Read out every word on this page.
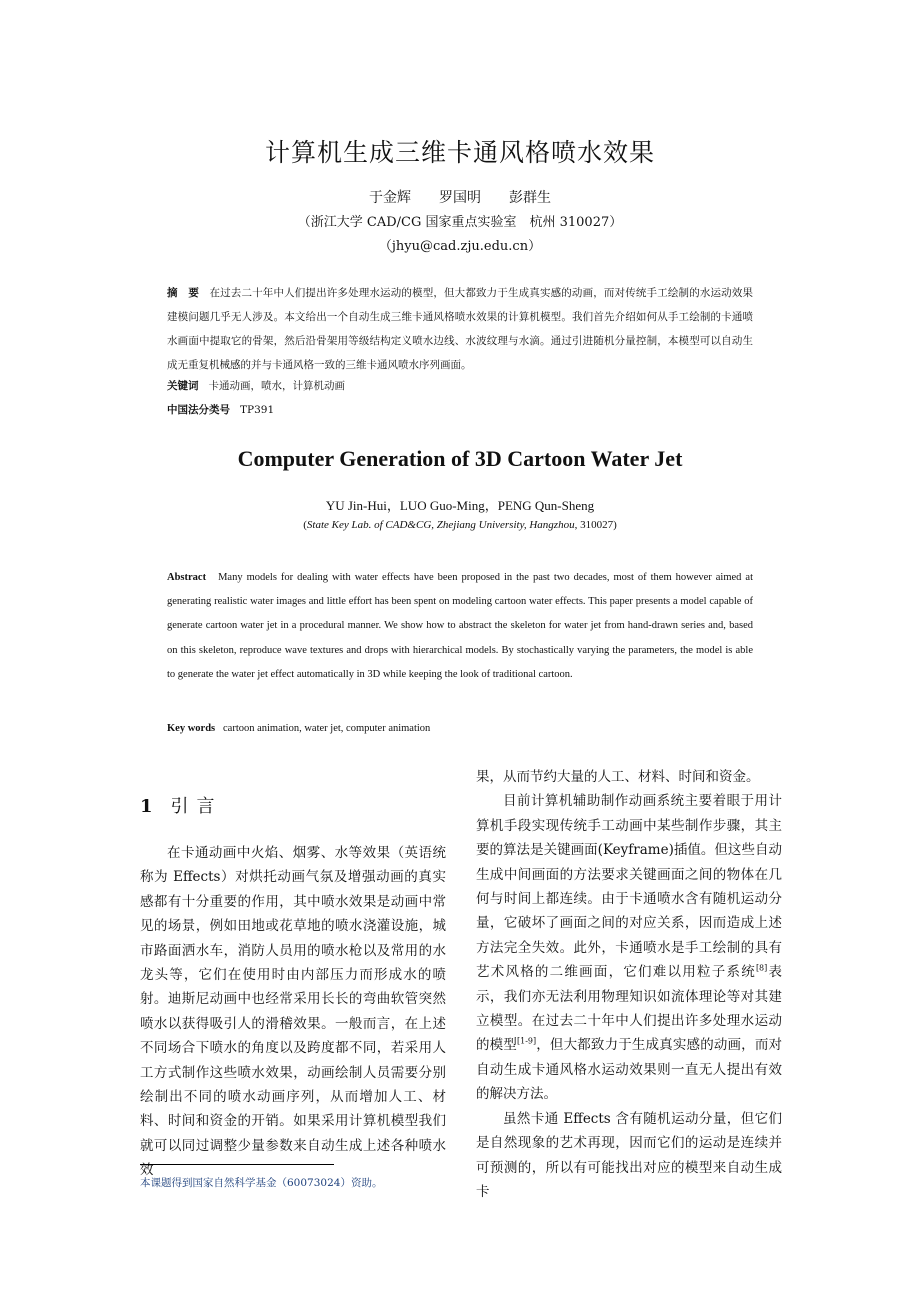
计算机生成三维卡通风格喷水效果
于金辉 罗国明 彭群生
（浙江大学 CAD/CG 国家重点实验室　杭州 310027）
（jhyu@cad.zju.edu.cn）
摘　要 在过去二十年中人们提出许多处理水运动的模型，但大都致力于生成真实感的动画，而对传统手工绘制的水运动效果建模问题几乎无人涉及。本文给出一个自动生成三维卡通风格喷水效果的计算机模型。我们首先介绍如何从手工绘制的卡通喷水画面中提取它的骨架，然后沿骨架用等级结构定义喷水边线、水波纹理与水滴。通过引进随机分量控制，本模型可以自动生成无重复机械感的并与卡通风格一致的三维卡通风喷水序列画面。
关键词 卡通动画，喷水，计算机动画
中国法分类号 TP391
Computer Generation of 3D Cartoon Water Jet
YU Jin-Hui，LUO Guo-Ming，PENG Qun-Sheng
(State Key Lab. of CAD&CG, Zhejiang University, Hangzhou, 310027)
Abstract Many models for dealing with water effects have been proposed in the past two decades, most of them however aimed at generating realistic water images and little effort has been spent on modeling cartoon water effects. This paper presents a model capable of generate cartoon water jet in a procedural manner. We show how to abstract the skeleton for water jet from hand-drawn series and, based on this skeleton, reproduce wave textures and drops with hierarchical models. By stochastically varying the parameters, the model is able to generate the water jet effect automatically in 3D while keeping the look of traditional cartoon.
Key words cartoon animation, water jet, computer animation
1 引言

在卡通动画中火焰、烟雾、水等效果（英语统称为 Effects）对烘托动画气氛及增强动画的真实感都有十分重要的作用，其中喷水效果是动画中常见的场景，例如田地或花草地的喷水浇灌设施，城市路面洒水车，消防人员用的喷水枪以及常用的水龙头等，它们在使用时由内部压力而形成水的喷射。迪斯尼动画中也经常采用长长的弯曲软管突然喷水以获得吸引人的滑稽效果。一般而言，在上述不同场合下喷水的角度以及跨度都不同，若采用人工方式制作这些喷水效果，动画绘制人员需要分别绘制出不同的喷水动画序列，从而增加人工、材料、时间和资金的开销。如果采用计算机模型我们就可以同过调整少量参数来自动生成上述各种喷水效

果，从而节约大量的人工、材料、时间和资金。

目前计算机辅助制作动画系统主要着眼于用计算机手段实现传统手工动画中某些制作步骤，其主要的算法是关键画面(Keyframe)插值。但这些自动生成中间画面的方法要求关键画面之间的物体在几何与时间上都连续。由于卡通喷水含有随机运动分量，它破坏了画面之间的对应关系，因而造成上述方法完全失效。此外，卡通喷水是手工绘制的具有艺术风格的二维画面，它们难以用粒子系统[8]表示，我们亦无法利用物理知识如流体理论等对其建立模型。在过去二十年中人们提出许多处理水运动的模型[1-9]，但大都致力于生成真实感的动画，而对自动生成卡通风格水运动效果则一直无人提出有效的解决方法。

虽然卡通 Effects 含有随机运动分量，但它们是自然现象的艺术再现，因而它们的运动是连续并可预测的，所以有可能找出对应的模型来自动生成卡

本课题得到国家自然科学基金（60073024）资助。
